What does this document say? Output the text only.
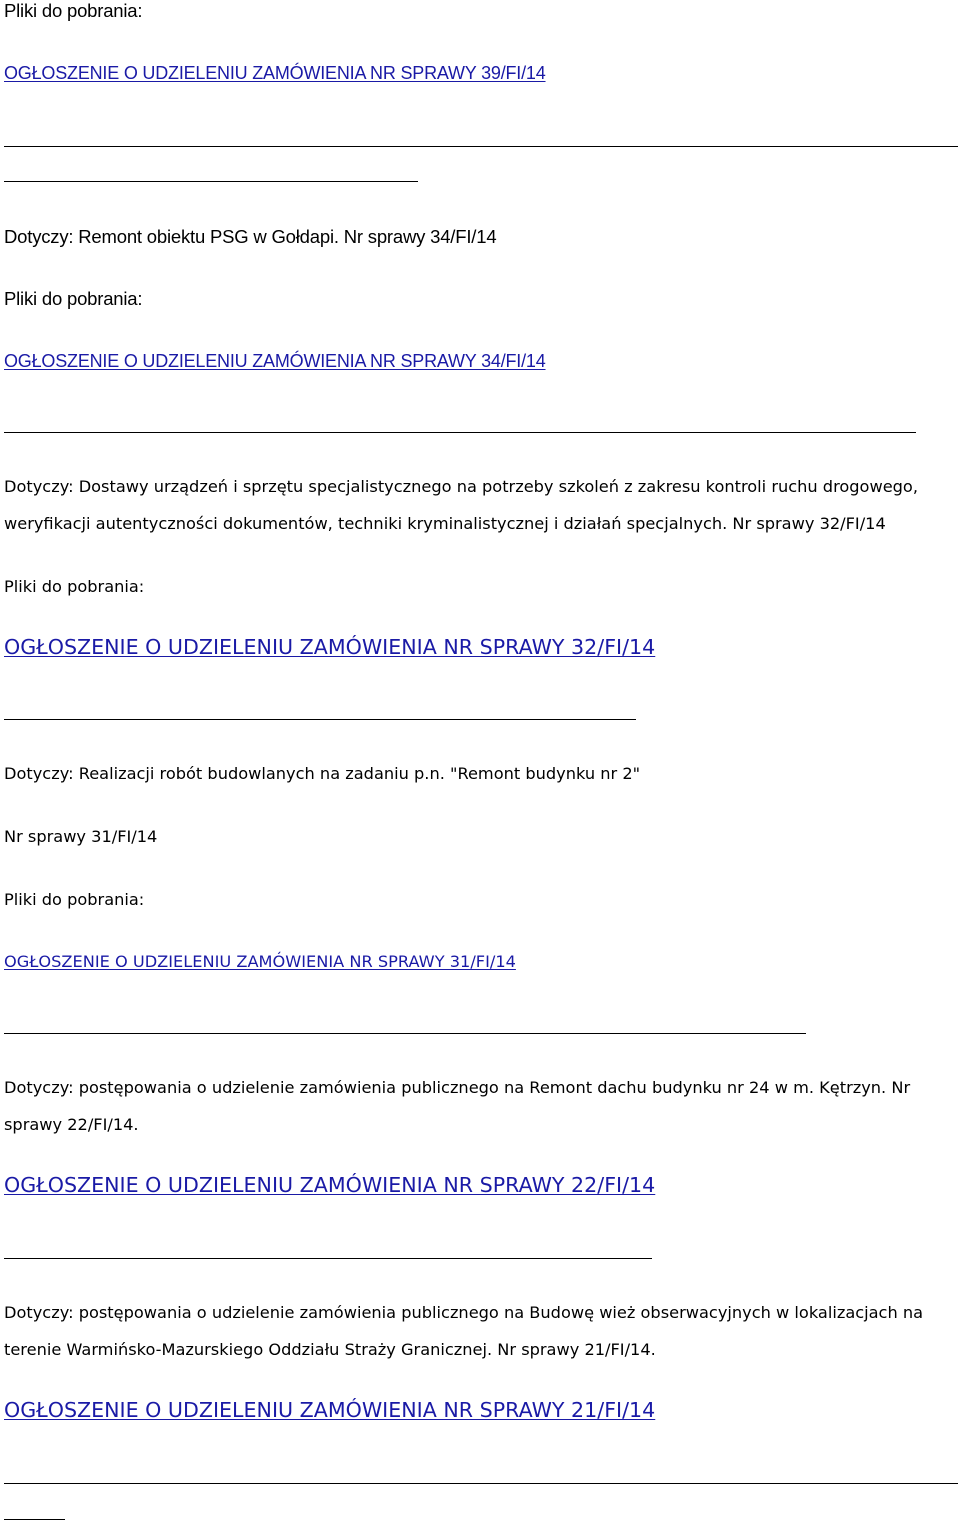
Pliki do pobrania:

OGŁOSZENIE O UDZIELENIU ZAMÓWIENIA NR SPRAWY 39/FI/14

Dotyczy: Remont obiektu PSG w Gołdapi. Nr sprawy 34/FI/14

Pliki do pobrania:

OGŁOSZENIE O UDZIELENIU ZAMÓWIENIA NR SPRAWY 34/FI/14

Dotyczy: Dostawy urządzeń i sprzętu specjalistycznego na potrzeby szkoleń z zakresu kontroli ruchu drogowego,

weryfikacji autentyczności dokumentów, techniki kryminalistycznej i działań specjalnych. Nr sprawy 32/FI/14

Pliki do pobrania:

OGŁOSZENIE O UDZIELENIU ZAMÓWIENIA NR SPRAWY 32/FI/14

Dotyczy: Realizacji robót budowlanych na zadaniu p.n. "Remont budynku nr 2"

Nr sprawy 31/FI/14

Pliki do pobrania:

OGŁOSZENIE O UDZIELENIU ZAMÓWIENIA NR SPRAWY 31/FI/14

Dotyczy: postępowania o udzielenie zamówienia publicznego na Remont dachu budynku nr 24 w m. Kętrzyn. Nr

sprawy 22/FI/14.

OGŁOSZENIE O UDZIELENIU ZAMÓWIENIA NR SPRAWY 22/FI/14

Dotyczy: postępowania o udzielenie zamówienia publicznego na Budowę wież obserwacyjnych w lokalizacjach na

terenie Warmińsko-Mazurskiego Oddziału Straży Granicznej. Nr sprawy 21/FI/14.

OGŁOSZENIE O UDZIELENIU ZAMÓWIENIA NR SPRAWY 21/FI/14
